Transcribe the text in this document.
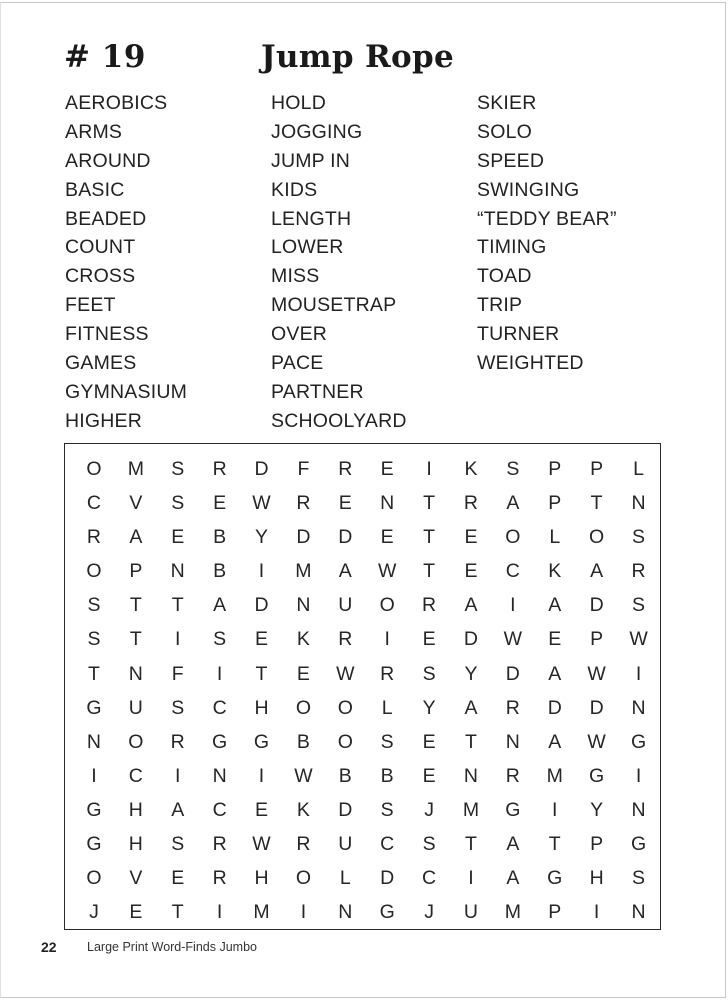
# 19	Jump Rope
AEROBICS
ARMS
AROUND
BASIC
BEADED
COUNT
CROSS
FEET
FITNESS
GAMES
GYMNASIUM
HIGHER
HOLD
JOGGING
JUMP IN
KIDS
LENGTH
LOWER
MISS
MOUSETRAP
OVER
PACE
PARTNER
SCHOOLYARD
SKIER
SOLO
SPEED
SWINGING
“TEDDY BEAR”
TIMING
TOAD
TRIP
TURNER
WEIGHTED
O	M	S	R	D	F	R	E	I	K	S	P	P	L
C	V	S	E	W	R	E	N	T	R	A	P	T	N
R	A	E	B	Y	D	D	E	T	E	O	L	O	S
O	P	N	B	I	M	A	W	T	E	C	K	A	R
S	T	T	A	D	N	U	O	R	A	I	A	D	S
S	T	I	S	E	K	R	I	E	D	W	E	P	W
T	N	F	I	T	E	W	R	S	Y	D	A	W	I
G	U	S	C	H	O	O	L	Y	A	R	D	D	N
N	O	R	G	G	B	O	S	E	T	N	A	W	G
I	C	I	N	I	W	B	B	E	N	R	M	G	I
G	H	A	C	E	K	D	S	J	M	G	I	Y	N
G	H	S	R	W	R	U	C	S	T	A	T	P	G
O	V	E	R	H	O	L	D	C	I	A	G	H	S
J	E	T	I	M	I	N	G	J	U	M	P	I	N
22 Large Print Word-Finds Jumbo
